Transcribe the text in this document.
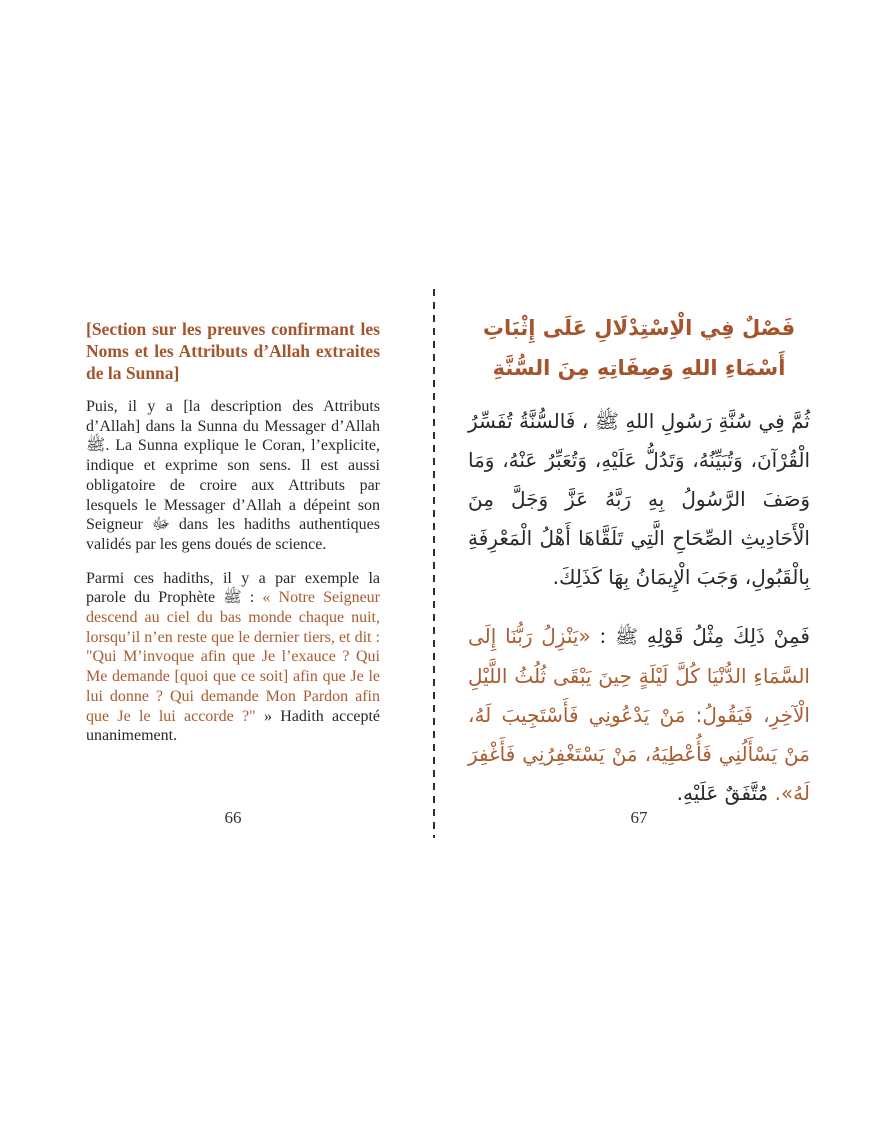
[Section sur les preuves confirmant les Noms et les Attributs d’Allah extraites de la Sunna]

Puis, il y a [la description des Attributs d’Allah] dans la Sunna du Messager d’Allah ﷺ. La Sunna explique le Coran, l’explicite, indique et exprime son sens. Il est aussi obligatoire de croire aux Attributs par lesquels le Messager d’Allah a dépeint son Seigneur ﷻ dans les hadiths authentiques validés par les gens doués de science.

Parmi ces hadiths, il y a par exemple la parole du Prophète ﷺ : « Notre Seigneur descend au ciel du bas monde chaque nuit, lorsqu’il n’en reste que le dernier tiers, et dit : "Qui M’invoque afin que Je l’exauce ? Qui Me demande [quoi que ce soit] afin que Je le lui donne ? Qui demande Mon Pardon afin que Je le lui accorde ?" » Hadith accepté unanimement.

فَصْلٌ فِي الْاِسْتِدْلَالِ عَلَى إِثْبَاتِ أَسْمَاءِ اللهِ وَصِفَاتِهِ مِنَ السُّنَّةِ

ثُمَّ فِي سُنَّةِ رَسُولِ اللهِ ﷺ ، فَالسُّنَّةُ تُفَسِّرُ الْقُرْآنَ، وَتُبَيِّنُهُ، وَتَدُلُّ عَلَيْهِ، وَتُعَبِّرُ عَنْهُ، وَمَا وَصَفَ الرَّسُولُ بِهِ رَبَّهُ عَزَّ وَجَلَّ مِنَ الْأَحَادِيثِ الصِّحَاحِ الَّتِي تَلَقَّاهَا أَهْلُ الْمَعْرِفَةِ بِالْقَبُولِ، وَجَبَ الْإِيمَانُ بِهَا كَذَلِكَ.

فَمِنْ ذَلِكَ مِثْلُ قَوْلِهِ ﷺ : «يَنْزِلُ رَبُّنَا إِلَى السَّمَاءِ الدُّنْيَا كُلَّ لَيْلَةٍ حِينَ يَبْقَى ثُلُثُ اللَّيْلِ الْآخِرِ، فَيَقُولُ: مَنْ يَدْعُونِي فَأَسْتَجِيبَ لَهُ، مَنْ يَسْأَلُنِي فَأُعْطِيَهُ، مَنْ يَسْتَغْفِرُنِي فَأَغْفِرَ لَهُ». مُتَّفَقٌ عَلَيْهِ.

66	67
